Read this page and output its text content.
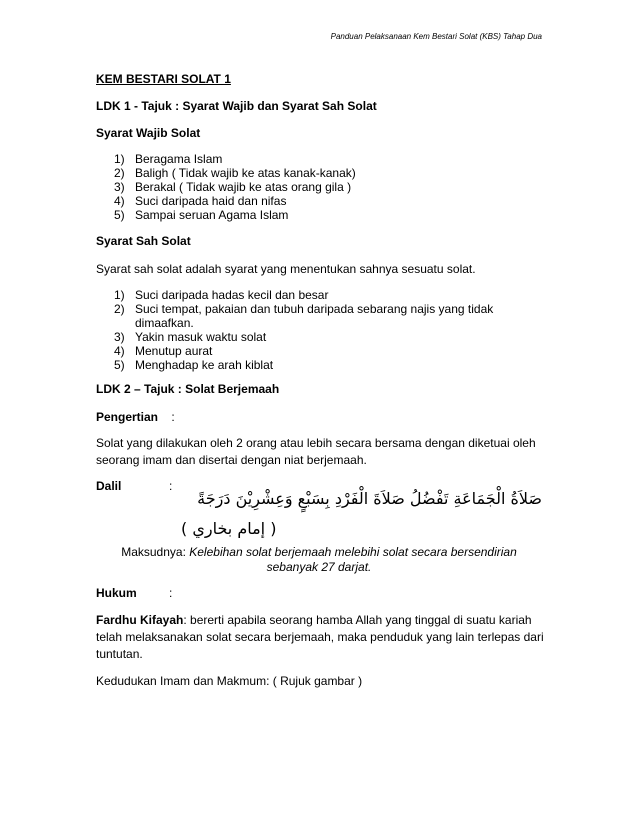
Panduan Pelaksanaan Kem Bestari Solat (KBS) Tahap Dua

KEM BESTARI SOLAT 1

LDK 1 - Tajuk : Syarat Wajib dan Syarat Sah Solat

Syarat Wajib Solat

1) Beragama Islam
2) Baligh ( Tidak wajib ke atas kanak-kanak)
3) Berakal ( Tidak wajib ke atas orang gila )
4) Suci daripada haid dan nifas
5) Sampai seruan Agama Islam

Syarat Sah Solat

Syarat sah solat adalah syarat yang menentukan sahnya sesuatu solat.

1) Suci daripada hadas kecil dan besar
2) Suci tempat, pakaian dan tubuh daripada sebarang najis yang tidak
dimaafkan.
3) Yakin masuk waktu solat
4) Menutup aurat
5) Menghadap ke arah kiblat

LDK 2 – Tajuk : Solat Berjemaah

Pengertian :

Solat yang dilakukan oleh 2 orang atau lebih secara bersama dengan diketuai oleh

seorang imam dan disertai dengan niat berjemaah.

Dalil	:

صَلاَةُ الْجَمَاعَةِ تَفْضُلُ صَلاَةَ الْفَرْدِ بِسَبْعٍ وَعِشْرِيْنَ دَرَجَةً
( إمام بخاري )
Maksudnya: Kelebihan solat berjemaah melebihi solat secara bersendirian
sebanyak 27 darjat.

Hukum	:

Fardhu Kifayah: bererti apabila seorang hamba Allah yang tinggal di suatu kariah

telah melaksanakan solat secara berjemaah, maka penduduk yang lain terlepas dari

tuntutan.

Kedudukan Imam dan Makmum: ( Rujuk gambar )
